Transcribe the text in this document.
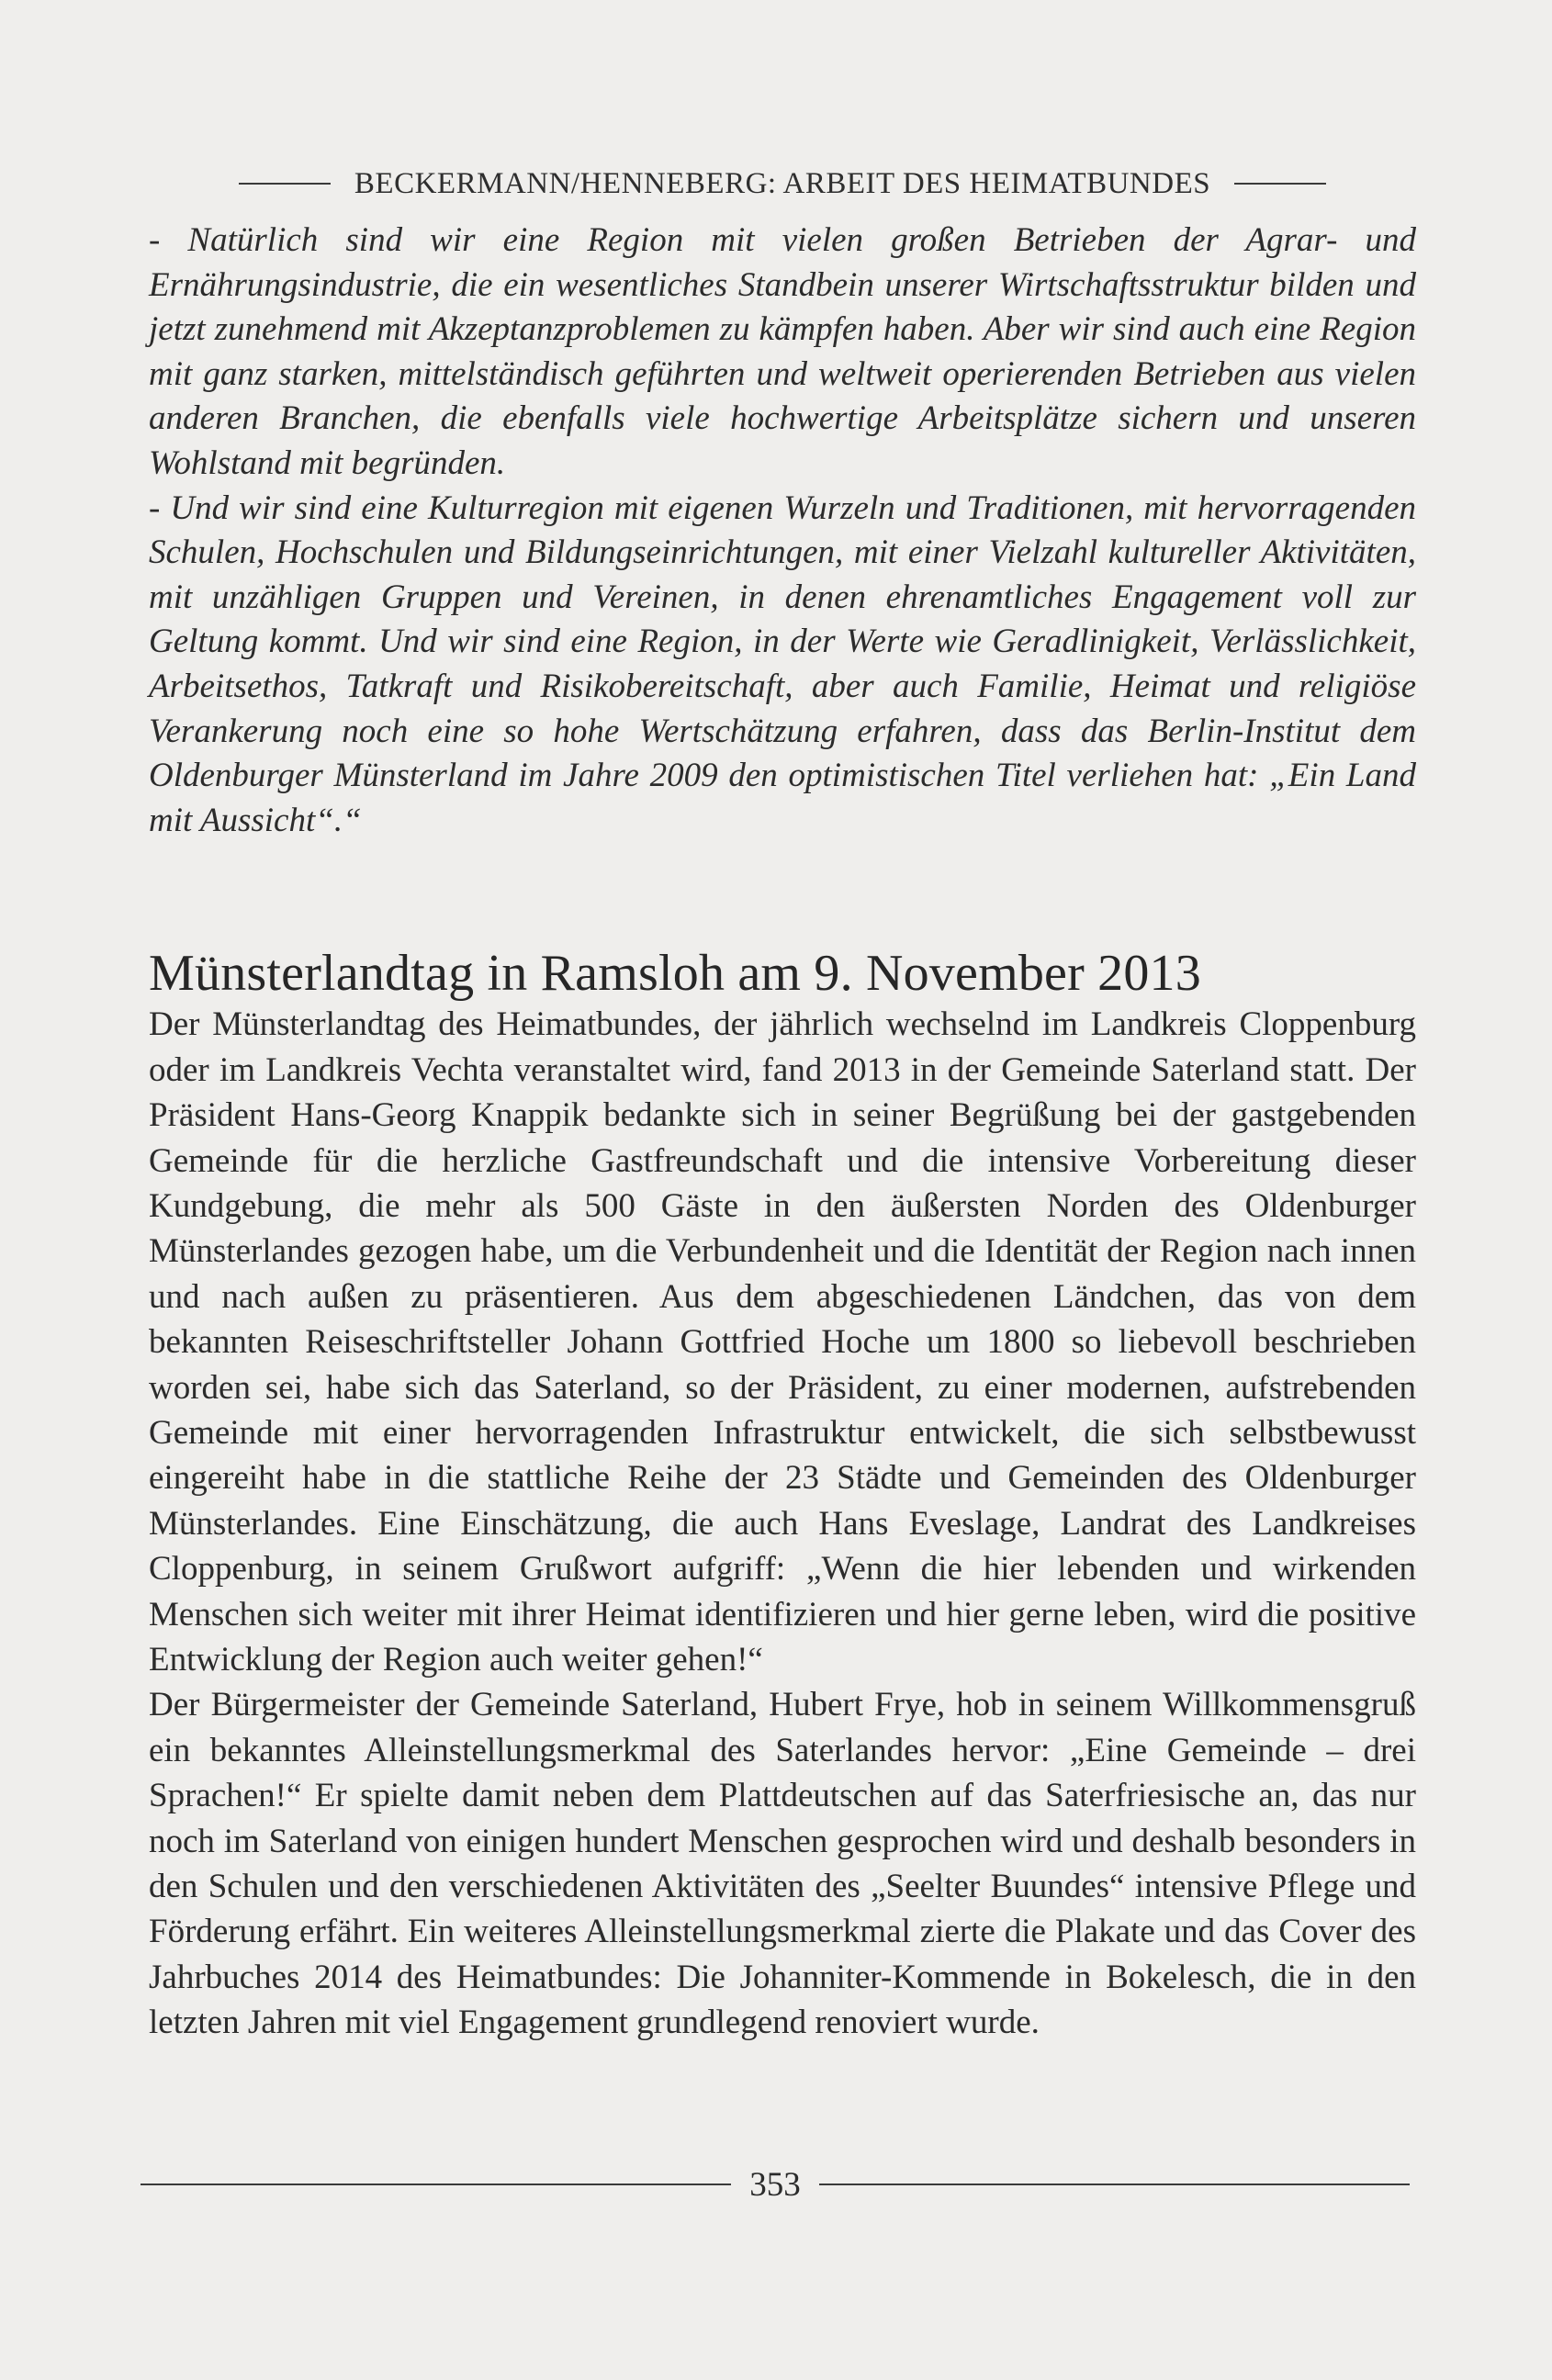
BECKERMANN/HENNEBERG: ARBEIT DES HEIMATBUNDES

- Natürlich sind wir eine Region mit vielen großen Betrieben der Agrar- und Ernährungsindustrie, die ein wesentliches Standbein unserer Wirtschaftsstruktur bilden und jetzt zunehmend mit Akzeptanzproblemen zu kämpfen haben. Aber wir sind auch eine Region mit ganz starken, mittelständisch geführten und weltweit operierenden Betrieben aus vielen anderen Branchen, die ebenfalls viele hochwertige Arbeitsplätze sichern und unseren Wohlstand mit begründen.

- Und wir sind eine Kulturregion mit eigenen Wurzeln und Traditionen, mit hervorragenden Schulen, Hochschulen und Bildungseinrichtungen, mit einer Vielzahl kultureller Aktivitäten, mit unzähligen Gruppen und Vereinen, in denen ehrenamtliches Engagement voll zur Geltung kommt. Und wir sind eine Region, in der Werte wie Geradlinigkeit, Verlässlichkeit, Arbeitsethos, Tatkraft und Risikobereitschaft, aber auch Familie, Heimat und religiöse Verankerung noch eine so hohe Wertschätzung erfahren, dass das Berlin-Institut dem Oldenburger Münsterland im Jahre 2009 den optimistischen Titel verliehen hat: „Ein Land mit Aussicht“.“

Münsterlandtag in Ramsloh am 9. November 2013

Der Münsterlandtag des Heimatbundes, der jährlich wechselnd im Landkreis Cloppenburg oder im Landkreis Vechta veranstaltet wird, fand 2013 in der Gemeinde Saterland statt. Der Präsident Hans-Georg Knappik bedankte sich in seiner Begrüßung bei der gastgebenden Gemeinde für die herzliche Gastfreundschaft und die intensive Vorbereitung dieser Kundgebung, die mehr als 500 Gäste in den äußersten Norden des Oldenburger Münsterlandes gezogen habe, um die Verbundenheit und die Identität der Region nach innen und nach außen zu präsentieren. Aus dem abgeschiedenen Ländchen, das von dem bekannten Reiseschriftsteller Johann Gottfried Hoche um 1800 so liebevoll beschrieben worden sei, habe sich das Saterland, so der Präsident, zu einer modernen, aufstrebenden Gemeinde mit einer hervorragenden Infrastruktur entwickelt, die sich selbstbewusst eingereiht habe in die stattliche Reihe der 23 Städte und Gemeinden des Oldenburger Münsterlandes. Eine Einschätzung, die auch Hans Eveslage, Landrat des Landkreises Cloppenburg, in seinem Grußwort aufgriff: „Wenn die hier lebenden und wirkenden Menschen sich weiter mit ihrer Heimat identifizieren und hier gerne leben, wird die positive Entwicklung der Region auch weiter gehen!“

Der Bürgermeister der Gemeinde Saterland, Hubert Frye, hob in seinem Willkommensgruß ein bekanntes Alleinstellungsmerkmal des Saterlandes hervor: „Eine Gemeinde – drei Sprachen!“ Er spielte damit neben dem Plattdeutschen auf das Saterfriesische an, das nur noch im Saterland von einigen hundert Menschen gesprochen wird und deshalb besonders in den Schulen und den verschiedenen Aktivitäten des „Seelter Buundes“ intensive Pflege und Förderung erfährt. Ein weiteres Alleinstellungsmerkmal zierte die Plakate und das Cover des Jahrbuches 2014 des Heimatbundes: Die Johanniter-Kommende in Bokelesch, die in den letzten Jahren mit viel Engagement grundlegend renoviert wurde.

353
